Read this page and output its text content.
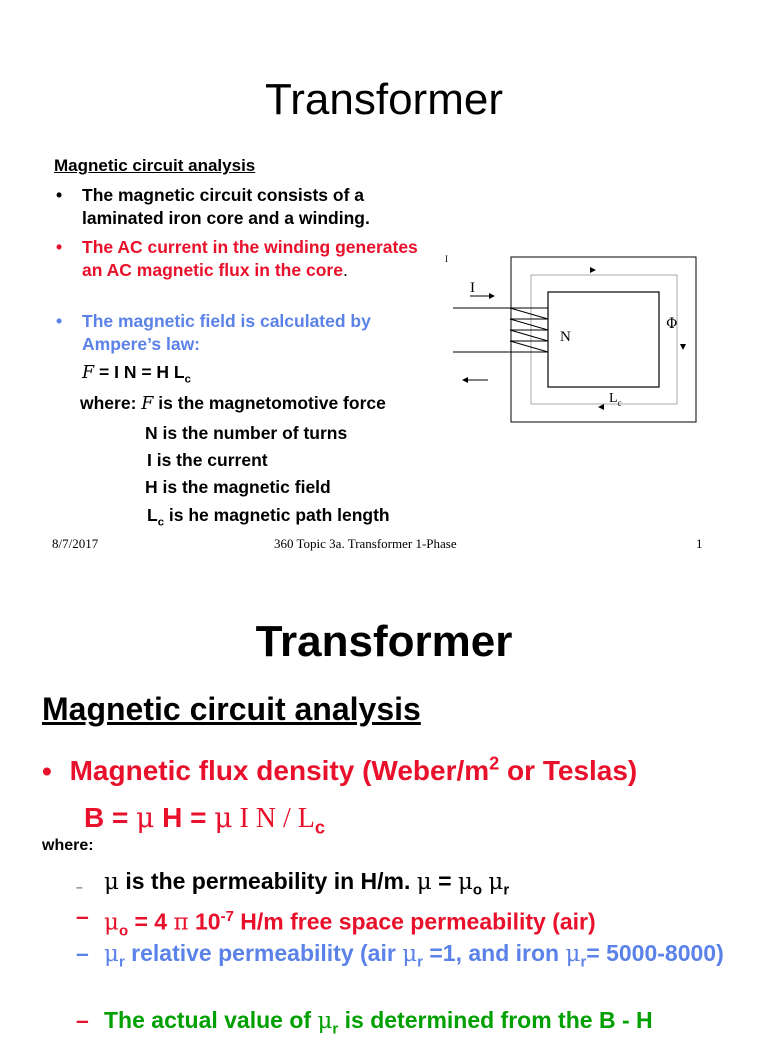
Transformer
Magnetic circuit analysis
• The magnetic circuit consists of a laminated iron core and a winding.
• The AC current in the winding generates an AC magnetic flux in the core.
• The magnetic field is calculated by Ampere’s law:
F = I N = H $L_c$
where: F is the magnetomotive force
N is the number of turns
I is the current
H is the magnetic field
$L_c$ is he magnetic path length
I
I
N
Φ
$L_c$
8/7/2017	360 Topic 3a. Transformer 1-Phase	1
Transformer
Magnetic circuit analysis
• Magnetic flux density ($Weber/m^2$ or Teslas)
B = μ H = μ I N / $L_c$
where:
– μ is the permeability in H/m. $\mu = \mu_o$ $\mu_r$
– $\mu_o = 4$ π $10^{-7}$ H/m free space permeability (air)
– $\mu_r$ relative permeability (air $\mu_r =1$, and iron $\mu_r= 5000-8000$)
– The actual value of $\mu_r$ is determined from the B - H
